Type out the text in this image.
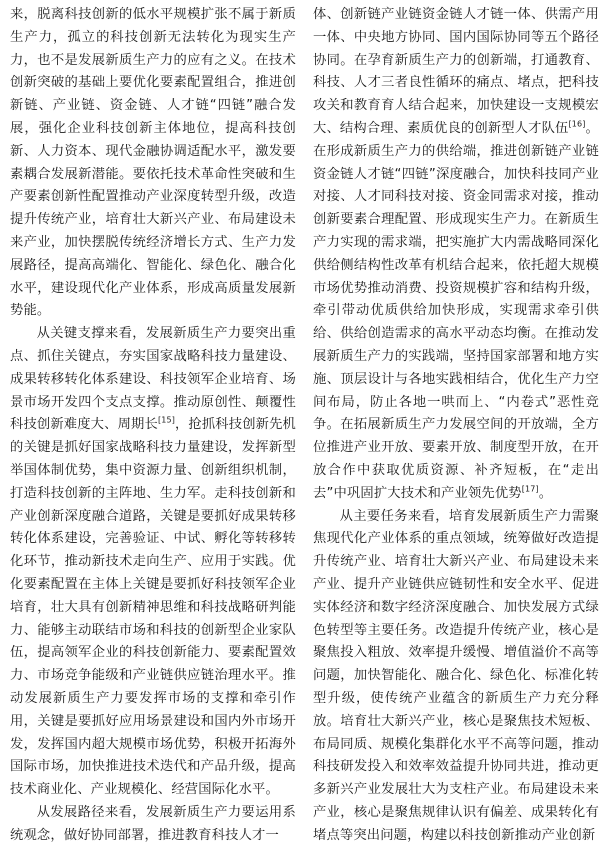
来，脱离科技创新的低水平规模扩张不属于新质生产力，孤立的科技创新无法转化为现实生产力，也不是发展新质生产力的应有之义。在技术创新突破的基础上要优化要素配置组合，推进创新链、产业链、资金链、人才链“四链”融合发展，强化企业科技创新主体地位，提高科技创新、人力资本、现代金融协调适配水平，激发要素耦合发展新潜能。要依托技术革命性突破和生产要素创新性配置推动产业深度转型升级，改造提升传统产业，培育壮大新兴产业、布局建设未来产业，加快摆脱传统经济增长方式、生产力发展路径，提高高端化、智能化、绿色化、融合化水平，建设现代化产业体系，形成高质量发展新势能。

从关键支撑来看，发展新质生产力要突出重点、抓住关键点，夯实国家战略科技力量建设、成果转移转化体系建设、科技领军企业培育、场景市场开发四个支点支撑。推动原创性、颠覆性科技创新难度大、周期长[15]，抢抓科技创新先机的关键是抓好国家战略科技力量建设，发挥新型举国体制优势，集中资源力量、创新组织机制，打造科技创新的主阵地、生力军。走科技创新和产业创新深度融合道路，关键是要抓好成果转移转化体系建设，完善验证、中试、孵化等转移转化环节，推动新技术走向生产、应用于实践。优化要素配置在主体上关键是要抓好科技领军企业培育，壮大具有创新精神思维和科技战略研判能力、能够主动联结市场和科技的创新型企业家队伍，提高领军企业的科技创新能力、要素配置效力、市场竞争能级和产业链供应链治理水平。推动发展新质生产力要发挥市场的支撑和牵引作用，关键是要抓好应用场景建设和国内外市场开发，发挥国内超大规模市场优势，积极开拓海外国际市场，加快推进技术迭代和产品升级，提高技术商业化、产业规模化、经营国际化水平。

从发展路径来看，发展新质生产力要运用系统观念，做好协同部署，推进教育科技人才一

体、创新链产业链资金链人才链一体、供需产用一体、中央地方协同、国内国际协同等五个路径协同。在孕育新质生产力的创新端，打通教育、科技、人才三者良性循环的痛点、堵点，把科技攻关和教育育人结合起来，加快建设一支规模宏大、结构合理、素质优良的创新型人才队伍[16]。在形成新质生产力的供给端，推进创新链产业链资金链人才链“四链”深度融合，加快科技同产业对接、人才同科技对接、资金同需求对接，推动创新要素合理配置、形成现实生产力。在新质生产力实现的需求端，把实施扩大内需战略同深化供给侧结构性改革有机结合起来，依托超大规模市场优势推动消费、投资规模扩容和结构升级，牵引带动优质供给加快形成，实现需求牵引供给、供给创造需求的高水平动态均衡。在推动发展新质生产力的实践端，坚持国家部署和地方实施、顶层设计与各地实践相结合，优化生产力空间布局，防止各地一哄而上、“内卷式”恶性竞争。在拓展新质生产力发展空间的开放端，全方位推进产业开放、要素开放、制度型开放，在开放合作中获取优质资源、补齐短板，在“走出去”中巩固扩大技术和产业领先优势[17]。

从主要任务来看，培育发展新质生产力需聚焦现代化产业体系的重点领域，统筹做好改造提升传统产业、培育壮大新兴产业、布局建设未来产业、提升产业链供应链韧性和安全水平、促进实体经济和数字经济深度融合、加快发展方式绿色转型等主要任务。改造提升传统产业，核心是聚焦投入粗放、效率提升缓慢、增值溢价不高等问题，加快智能化、融合化、绿色化、标准化转型升级，使传统产业蕴含的新质生产力充分释放。培育壮大新兴产业，核心是聚焦技术短板、布局同质、规模化集群化水平不高等问题，推动科技研发投入和效率效益提升协同共进，推动更多新兴产业发展壮大为支柱产业。布局建设未来产业，核心是聚焦规律认识有偏差、成果转化有堵点等突出问题，构建以科技创新推动产业创新
